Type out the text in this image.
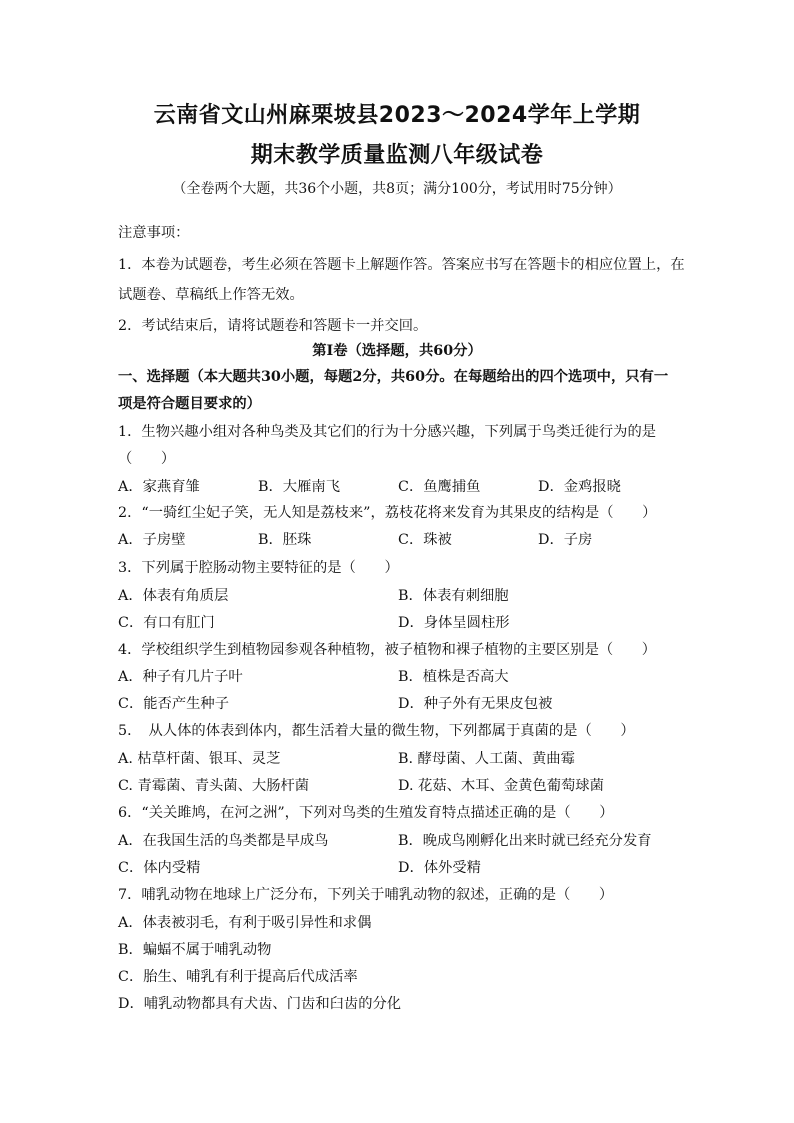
云南省文山州麻栗坡县2023～2024学年上学期
期末教学质量监测八年级试卷
（全卷两个大题，共36个小题，共8页；满分100分，考试用时75分钟）
注意事项：
1．本卷为试题卷，考生必须在答题卡上解题作答。答案应书写在答题卡的相应位置上，在
试题卷、草稿纸上作答无效。
2．考试结束后，请将试题卷和答题卡一并交回。
第Ⅰ卷（选择题，共60分）
一、选择题（本大题共30小题，每题2分，共60分。在每题给出的四个选项中，只有一
项是符合题目要求的）
1．生物兴趣小组对各种鸟类及其它们的行为十分感兴趣，下列属于鸟类迁徙行为的是
（　　）
A．家燕育雏	B．大雁南飞	C．鱼鹰捕鱼	D．金鸡报晓
2．“一骑红尘妃子笑，无人知是荔枝来”，荔枝花将来发育为其果皮的结构是（　　）
A．子房壁	B．胚珠	C．珠被	D．子房
3．下列属于腔肠动物主要特征的是（　　）
A．体表有角质层	B．体表有刺细胞
C．有口有肛门	D．身体呈圆柱形
4．学校组织学生到植物园参观各种植物，被子植物和裸子植物的主要区别是（　　）
A．种子有几片子叶	B．植株是否高大
C．能否产生种子	D．种子外有无果皮包被
5．　从人体的体表到体内，都生活着大量的微生物，下列都属于真菌的是（　　）
A. 枯草杆菌、银耳、灵芝	B. 酵母菌、人工菌、黄曲霉
C. 青霉菌、青头菌、大肠杆菌	D. 花菇、木耳、金黄色葡萄球菌
6．“关关雎鸠，在河之洲”，下列对鸟类的生殖发育特点描述正确的是（　　）
A．在我国生活的鸟类都是早成鸟	B．晚成鸟刚孵化出来时就已经充分发育
C．体内受精	D．体外受精
7．哺乳动物在地球上广泛分布，下列关于哺乳动物的叙述，正确的是（　　）
A．体表被羽毛，有利于吸引异性和求偶
B．蝙蝠不属于哺乳动物
C．胎生、哺乳有利于提高后代成活率
D．哺乳动物都具有犬齿、门齿和臼齿的分化
